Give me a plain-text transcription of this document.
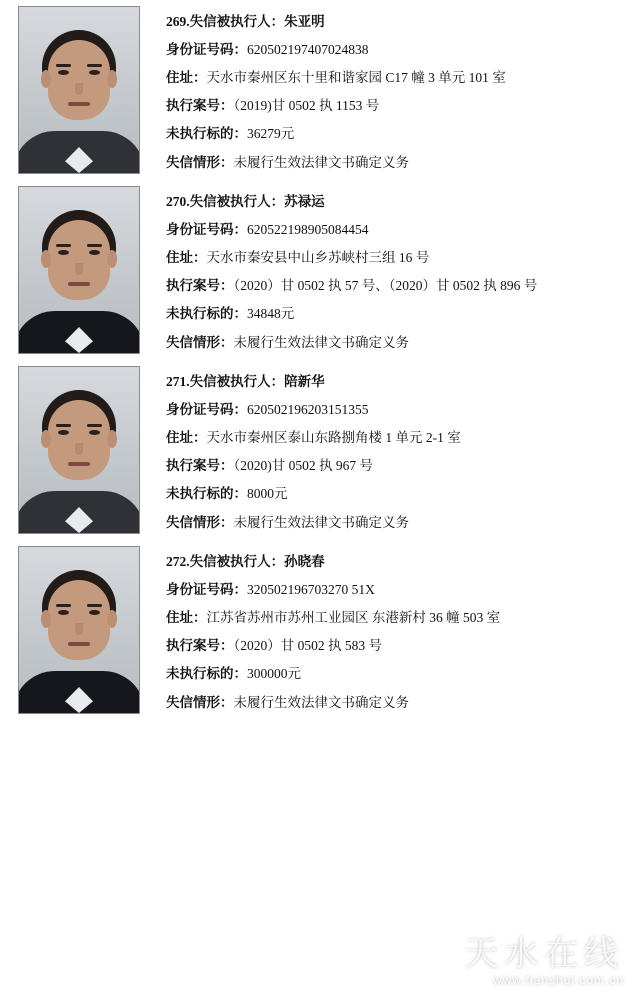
269.失信被执行人：朱亚明
身份证号码：620502197407024838
住址：天水市秦州区东十里和谐家园 C17 幢 3 单元 101 室
执行案号：（2019)甘 0502 执 1153 号
未执行标的：36279元
失信情形：未履行生效法律文书确定义务
270.失信被执行人：苏禄运
身份证号码：620522198905084454
住址：天水市秦安县中山乡苏峡村三组 16 号
执行案号：（2020）甘 0502 执 57 号、（2020）甘 0502 执 896 号
未执行标的：34848元
失信情形：未履行生效法律文书确定义务
271.失信被执行人：陪新华
身份证号码：620502196203151355
住址：天水市秦州区泰山东路捌角楼 1 单元 2-1 室
执行案号：（2020)甘 0502 执 967 号
未执行标的：8000元
失信情形：未履行生效法律文书确定义务
272.失信被执行人：孙晓春
身份证号码：320502196703270 51X
住址：江苏省苏州市苏州工业园区 东港新村 36 幢 503 室
执行案号：（2020）甘 0502 执 583 号
未执行标的：300000元
失信情形：未履行生效法律文书确定义务
天水在线
www.tianshui.com.cn
